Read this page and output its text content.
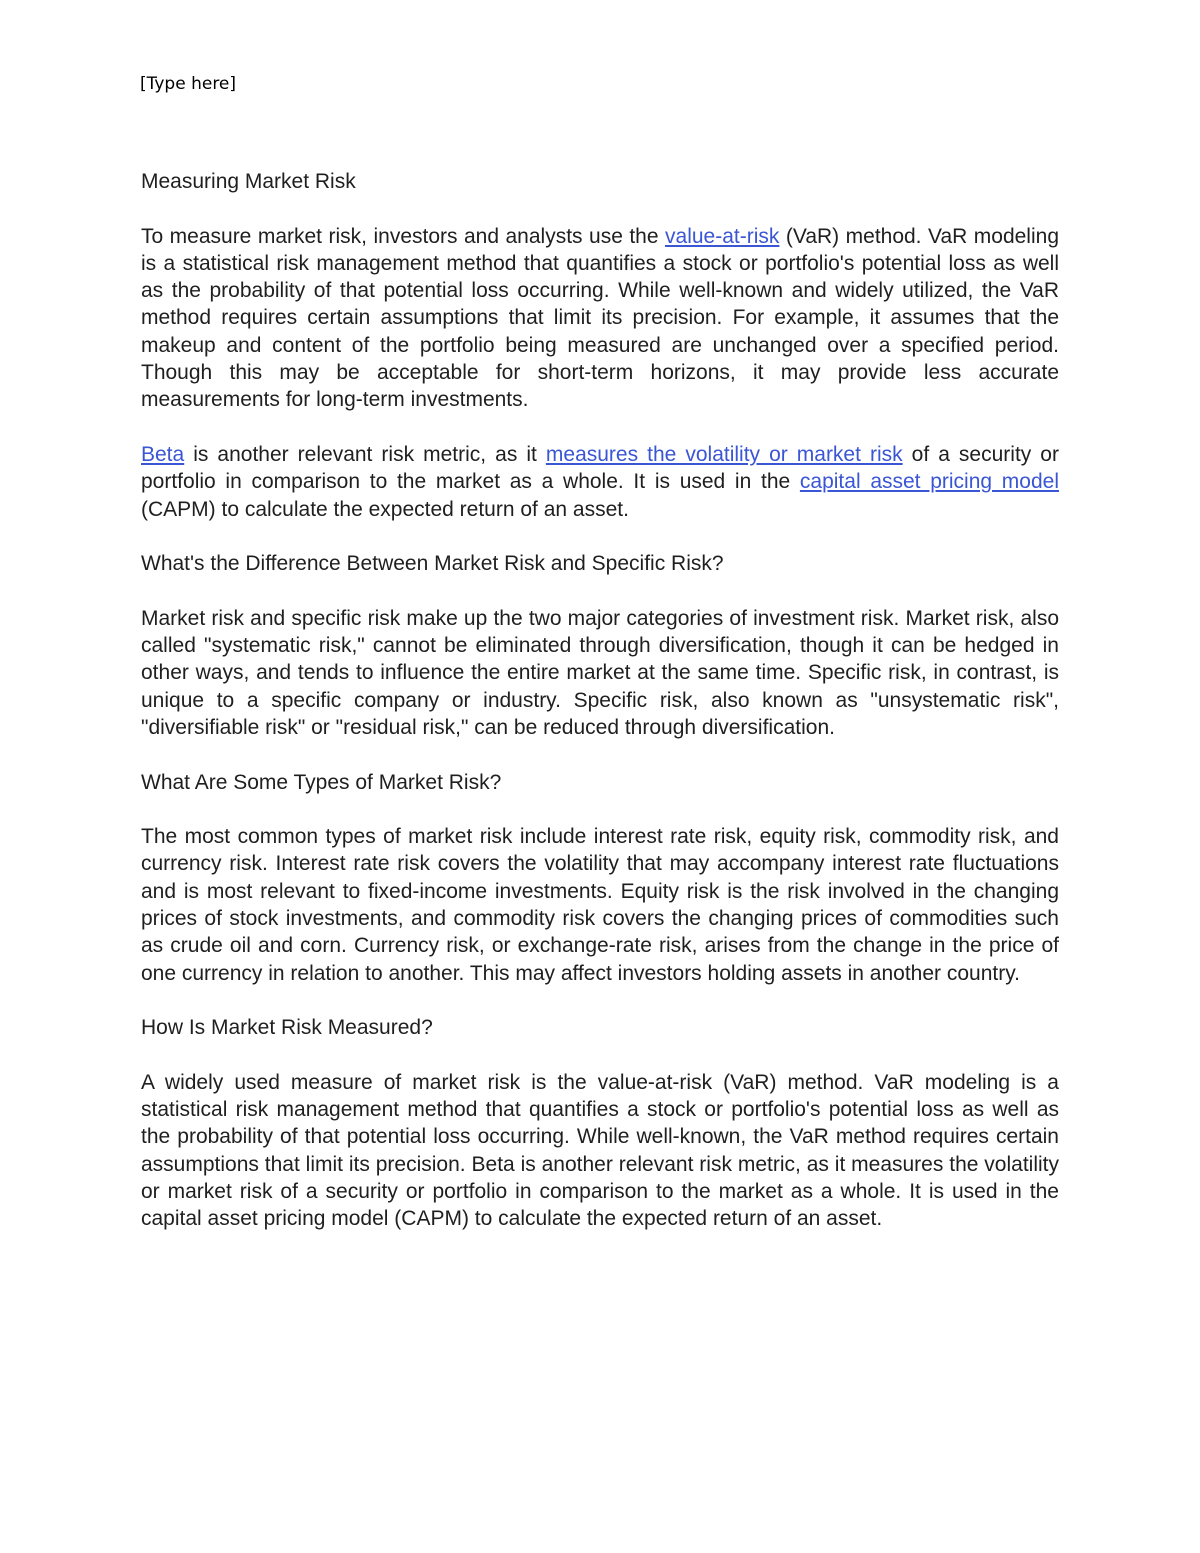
[Type here]

Measuring Market Risk

To measure market risk, investors and analysts use the value-at-risk (VaR) method. VaR modeling is a statistical risk management method that quantifies a stock or portfolio's potential loss as well as the probability of that potential loss occurring. While well-known and widely utilized, the VaR method requires certain assumptions that limit its precision. For example, it assumes that the makeup and content of the portfolio being measured are unchanged over a specified period. Though this may be acceptable for short-term horizons, it may provide less accurate measurements for long-term investments.

Beta is another relevant risk metric, as it measures the volatility or market risk of a security or portfolio in comparison to the market as a whole. It is used in the capital asset pricing model (CAPM) to calculate the expected return of an asset.

What's the Difference Between Market Risk and Specific Risk?

Market risk and specific risk make up the two major categories of investment risk. Market risk, also called "systematic risk," cannot be eliminated through diversification, though it can be hedged in other ways, and tends to influence the entire market at the same time. Specific risk, in contrast, is unique to a specific company or industry. Specific risk, also known as "unsystematic risk", "diversifiable risk" or "residual risk," can be reduced through diversification.

What Are Some Types of Market Risk?

The most common types of market risk include interest rate risk, equity risk, commodity risk, and currency risk. Interest rate risk covers the volatility that may accompany interest rate fluctuations and is most relevant to fixed-income investments. Equity risk is the risk involved in the changing prices of stock investments, and commodity risk covers the changing prices of commodities such as crude oil and corn. Currency risk, or exchange-rate risk, arises from the change in the price of one currency in relation to another. This may affect investors holding assets in another country.

How Is Market Risk Measured?

A widely used measure of market risk is the value-at-risk (VaR) method. VaR modeling is a statistical risk management method that quantifies a stock or portfolio's potential loss as well as the probability of that potential loss occurring. While well-known, the VaR method requires certain assumptions that limit its precision. Beta is another relevant risk metric, as it measures the volatility or market risk of a security or portfolio in comparison to the market as a whole. It is used in the capital asset pricing model (CAPM) to calculate the expected return of an asset.
